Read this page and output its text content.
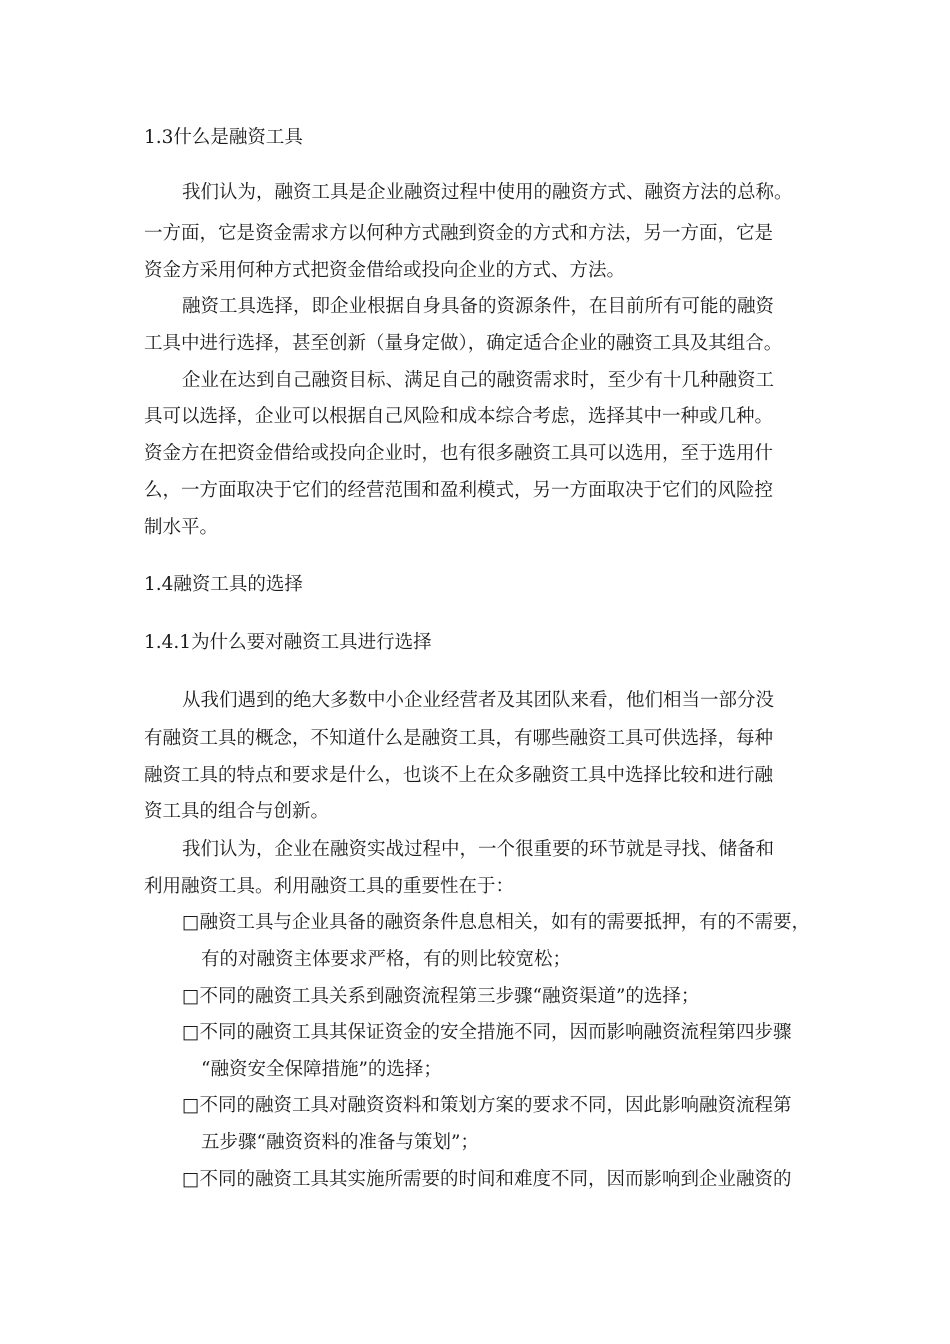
1.3什么是融资工具
我们认为，融资工具是企业融资过程中使用的融资方式、融资方法的总称。
一方面，它是资金需求方以何种方式融到资金的方式和方法，另一方面，它是
资金方采用何种方式把资金借给或投向企业的方式、方法。
融资工具选择，即企业根据自身具备的资源条件，在目前所有可能的融资
工具中进行选择，甚至创新（量身定做），确定适合企业的融资工具及其组合。
企业在达到自己融资目标、满足自己的融资需求时，至少有十几种融资工
具可以选择，企业可以根据自己风险和成本综合考虑，选择其中一种或几种。
资金方在把资金借给或投向企业时，也有很多融资工具可以选用，至于选用什
么，一方面取决于它们的经营范围和盈利模式，另一方面取决于它们的风险控
制水平。
1.4融资工具的选择
1.4.1为什么要对融资工具进行选择
从我们遇到的绝大多数中小企业经营者及其团队来看，他们相当一部分没
有融资工具的概念，不知道什么是融资工具，有哪些融资工具可供选择，每种
融资工具的特点和要求是什么，也谈不上在众多融资工具中选择比较和进行融
资工具的组合与创新。
我们认为，企业在融资实战过程中，一个很重要的环节就是寻找、储备和
利用融资工具。利用融资工具的重要性在于：
□融资工具与企业具备的融资条件息息相关，如有的需要抵押，有的不需要，
有的对融资主体要求严格，有的则比较宽松；
□不同的融资工具关系到融资流程第三步骤“融资渠道”的选择；
□不同的融资工具其保证资金的安全措施不同，因而影响融资流程第四步骤
“融资安全保障措施”的选择；
□不同的融资工具对融资资料和策划方案的要求不同，因此影响融资流程第
五步骤“融资资料的准备与策划”；
□不同的融资工具其实施所需要的时间和难度不同，因而影响到企业融资的
